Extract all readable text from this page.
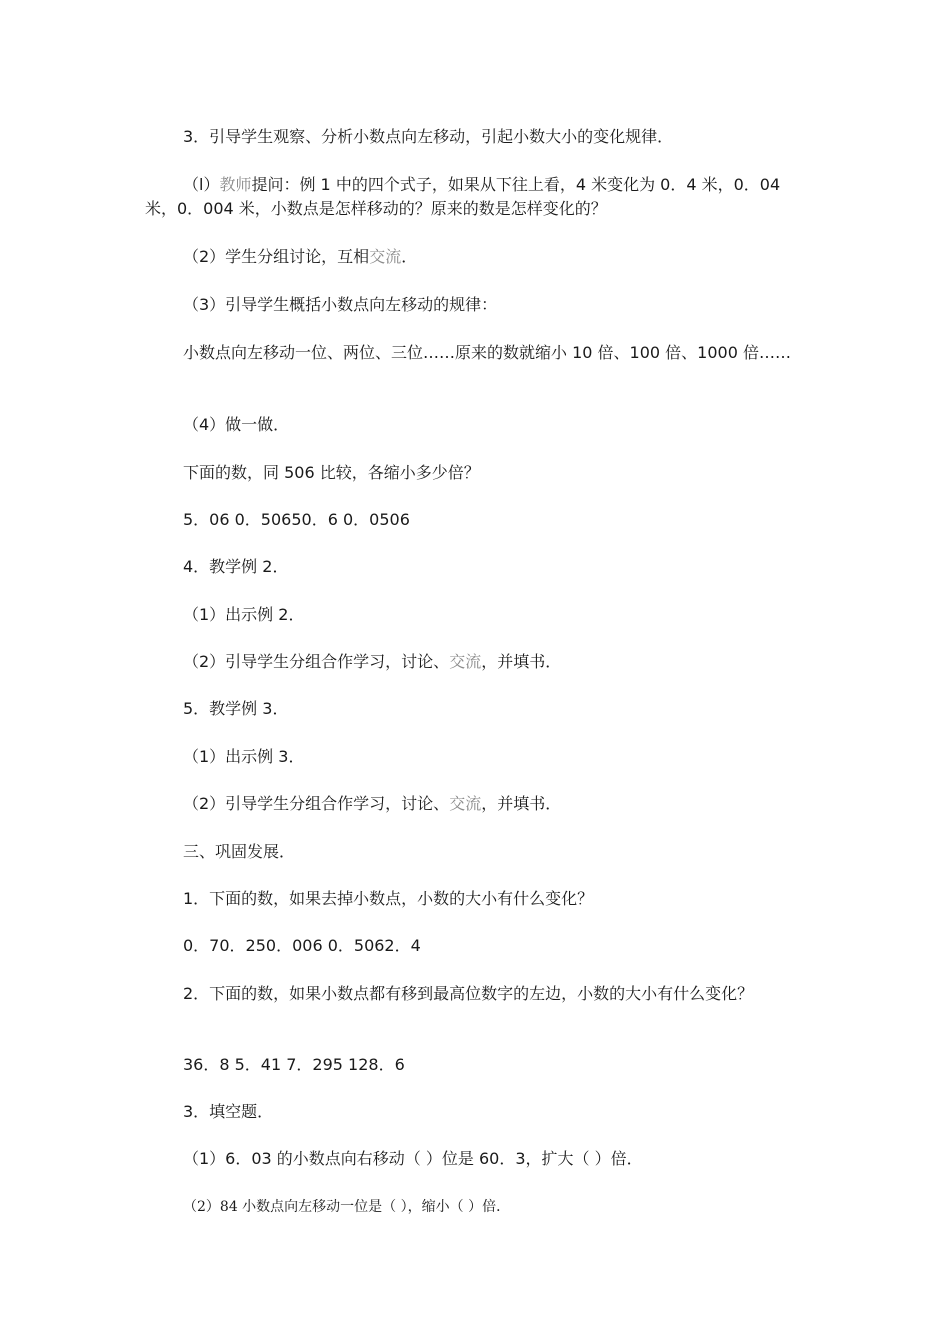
3．引导学生观察、分析小数点向左移动，引起小数大小的变化规律．
（l）教师提问：例 1 中的四个式子，如果从下往上看，4 米变化为 0．4 米，0．04 米，0．004 米，小数点是怎样移动的？原来的数是怎样变化的？
（2）学生分组讨论，互相交流．
（3）引导学生概括小数点向左移动的规律：
小数点向左移动一位、两位、三位……原来的数就缩小 10 倍、100 倍、1000 倍……
（4）做一做．
下面的数，同 506 比较，各缩小多少倍？
5．06 0．50650．6 0．0506
4．教学例 2．
（1）出示例 2．
（2）引导学生分组合作学习，讨论、交流，并填书．
5．教学例 3．
（1）出示例 3．
（2）引导学生分组合作学习，讨论、交流，并填书．
三、巩固发展．
1．下面的数，如果去掉小数点，小数的大小有什么变化？
0．70．250．006 0．5062．4
2．下面的数，如果小数点都有移到最高位数字的左边，小数的大小有什么变化？
36．8 5．41 7．295 128．6
3．填空题．
（1）6．03 的小数点向右移动（ ）位是 60．3，扩大（ ）倍．
（2）84 小数点向左移动一位是（ ），缩小（ ）倍．
